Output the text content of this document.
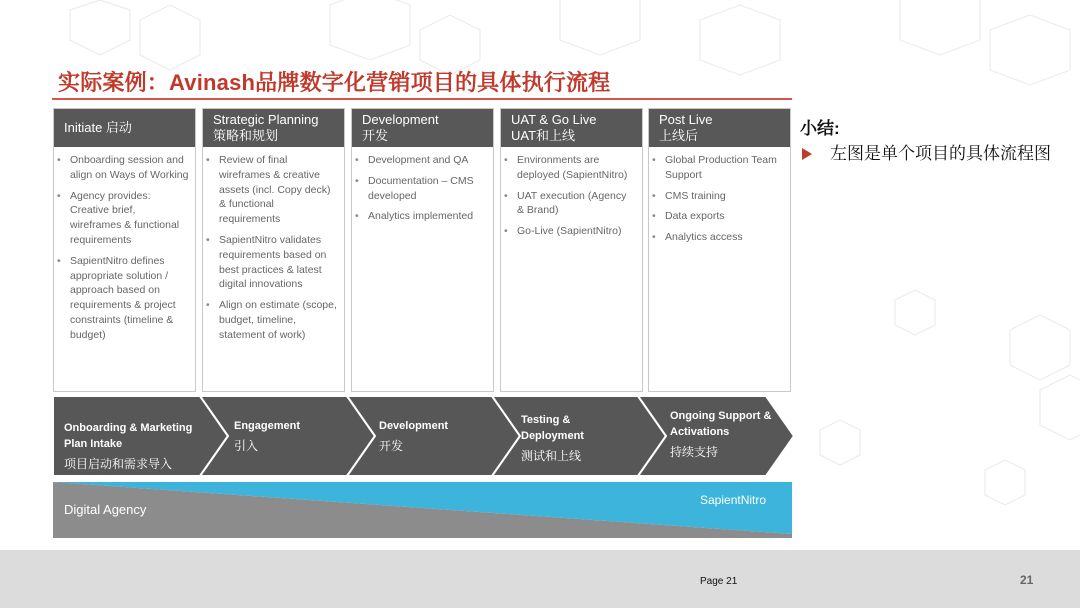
实际案例：Avinash品牌数字化营销项目的具体执行流程
Initiate 启动
• Onboarding session and align on Ways of Working
• Agency provides: Creative brief, wireframes & functional requirements
• SapientNitro defines appropriate solution / approach based on requirements & project constraints (timeline & budget)
Strategic Planning
策略和规划
• Review of final wireframes & creative assets (incl. Copy deck) & functional requirements
• SapientNitro validates requirements based on best practices & latest digital innovations
• Align on estimate (scope, budget, timeline, statement of work)
Development
开发
• Development and QA
• Documentation – CMS developed
• Analytics implemented
UAT & Go Live
UAT和上线
• Environments are deployed (SapientNitro)
• UAT execution (Agency & Brand)
• Go-Live (SapientNitro)
Post Live
上线后
• Global Production Team Support
• CMS training
• Data exports
• Analytics access
Onboarding & Marketing Plan Intake
项目启动和需求导入
Engagement
引入
Development
开发
Testing & Deployment
测试和上线
Ongoing Support & Activations
持续支持
Digital Agency
SapientNitro
小结:
左图是单个项目的具体流程图
Page 21	21
